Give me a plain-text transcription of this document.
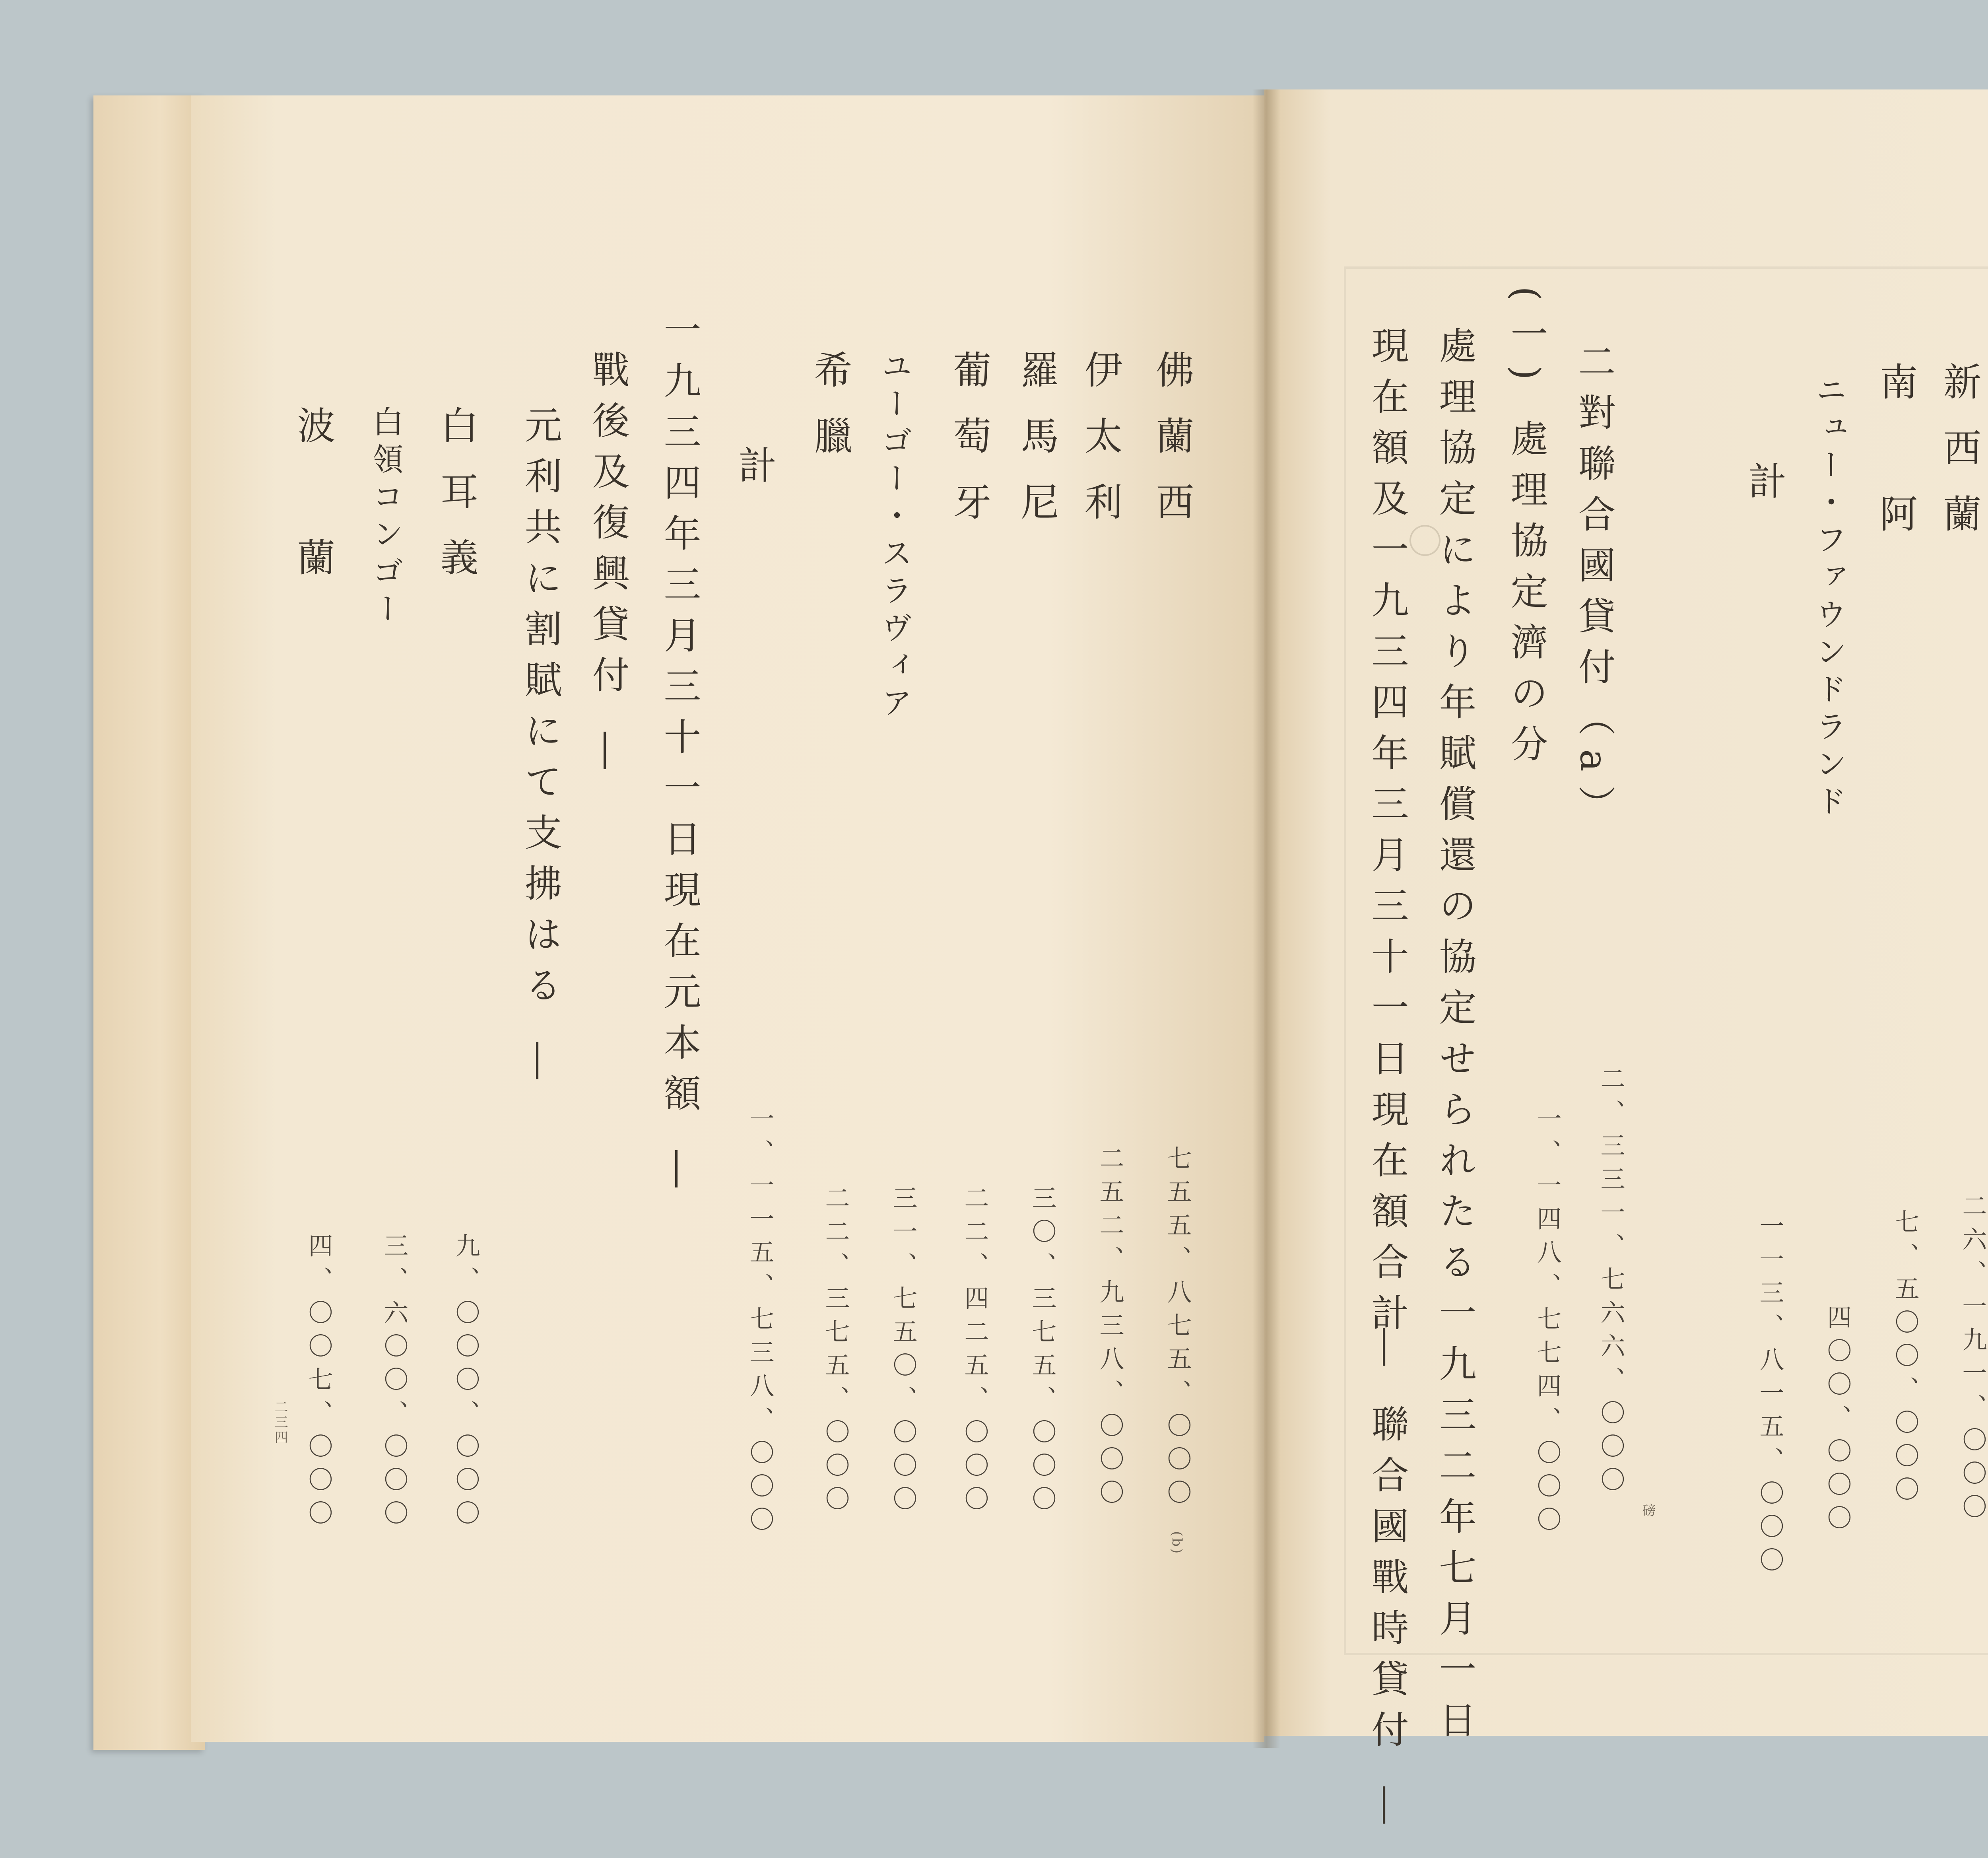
新西蘭
二六、一九一、〇〇〇
南　阿
七、五〇〇、〇〇〇
ニュー・ファウンドランド
四〇〇、〇〇〇
計
一一三、八一五、〇〇〇
二對聯合國貸付（a）
(一) 處理協定濟の分
處理協定により年賦償還の協定せられたる一九三二年七月一日
現在額及一九三四年三月三十一日現在額合計
― 聯合國戰時貸付 ―
二、三三一、七六六、〇〇〇
一、一四八、七七四、〇〇〇	磅
佛蘭西
七五五、八七五、〇〇〇
(b)
伊太利
二五二、九三八、〇〇〇
羅馬尼
三〇、三七五、〇〇〇
葡萄牙
二二、四二五、〇〇〇
ユーゴー・スラヴィア
三一、七五〇、〇〇〇
希臘
二二、三七五、〇〇〇
計
一、一一五、七三八、〇〇〇
一九三四年三月三十一日現在元本額 ―
戰後及復興貸付 ―
元利共に割賦にて支拂はる ―
白耳義
九、〇〇〇、〇〇〇
白領コンゴー
三、六〇〇、〇〇〇
波　蘭
四、〇〇七、〇〇〇
二三四
